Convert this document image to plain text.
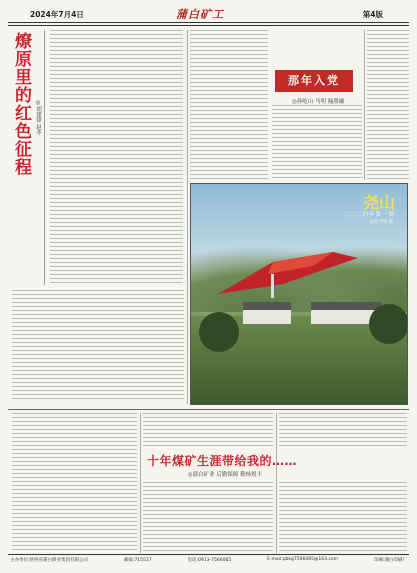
2024年7月4日	蒲白矿工	第4版
燎原里的红色征程 ◎胡建锋 赵冬
那年入党
◎孙屹山 马明 翰墨融
尧山
二〇二四年第一期
◎杜兴华 摄
十年煤矿生涯带给我的……
◎蒲白矿业 后勤保障 勤杨悦丰
主办单位:陕西省蒲白煤业集团有限公司	邮编:715517	电话:0913-7566065	E-mail:pbkg7566065@163.com	印刷:蒲白印刷厂
